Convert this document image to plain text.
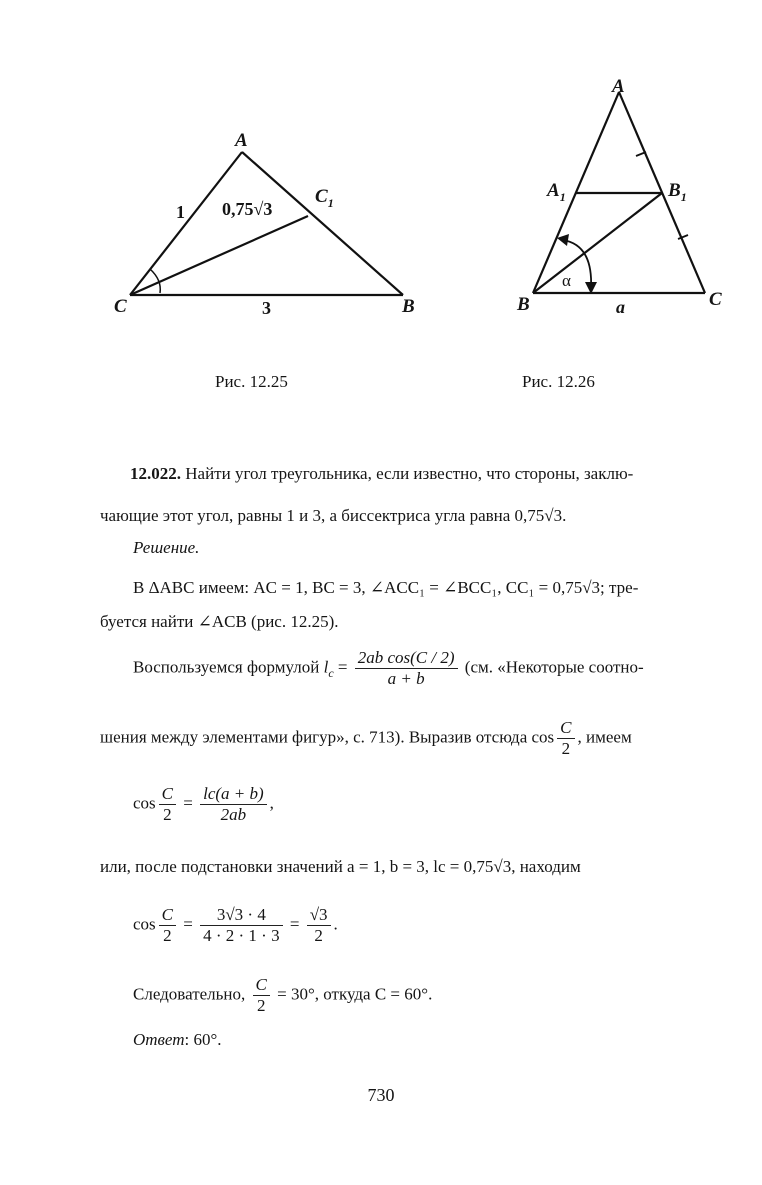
A
C	B
$C_1$
1
3
0,75√3
Рис. 12.25
A
$A_1$	$B_1$
B	C
a
α
Рис. 12.26
12.022. Найти угол треугольника, если известно, что стороны, заклю-
чающие этот угол, равны 1 и 3, а биссектриса угла равна 0,75√3.
Решение.
В ΔABC имеем: AC = 1, BC = 3, ∠ACC₁ = ∠BCC₁, CC₁ = 0,75√3; тре-
буется найти ∠ACB (рис. 12.25).
Воспользуемся формулой $l_c = \frac{\text{2ab cos(C / 2)}}{a + b} (см$. «Некоторые соотно-
шения между элементами фигур», с. 713). Выразив отсюда $\cos \frac{C}{2}$ , имеем
$\cos \frac{C}{2} = \frac{lc(a + b)}{2ab}$ ,
или, после подстановки значений a = 1, b = 3, lc = 0,75√3, находим
$\cos \frac{C}{2} = \frac{3√3 \cdot 4}{4 \cdot 2 \cdot 1 \cdot 3} = \frac{√3}{2}$ .
Следовательно, $\frac{C}{2} = 30^\circ$, откуда C = 60°.
Ответ: 60°.
730
